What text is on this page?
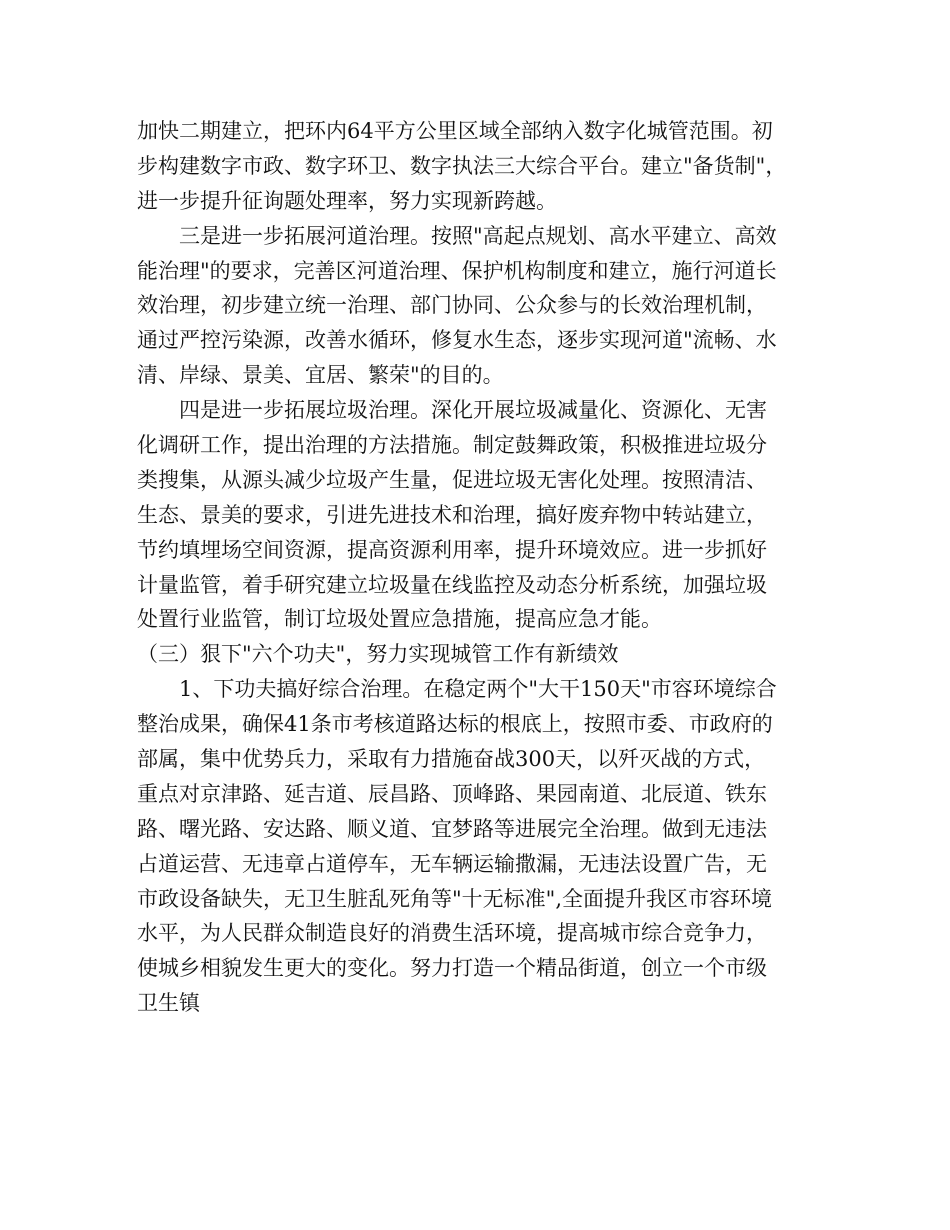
加快二期建立，把环内64平方公里区域全部纳入数字化城管范围。初
步构建数字市政、数字环卫、数字执法三大综合平台。建立"备货制"，
进一步提升征询题处理率，努力实现新跨越。
三是进一步拓展河道治理。按照"高起点规划、高水平建立、高效
能治理"的要求，完善区河道治理、保护机构制度和建立，施行河道长
效治理，初步建立统一治理、部门协同、公众参与的长效治理机制，
通过严控污染源，改善水循环，修复水生态，逐步实现河道"流畅、水
清、岸绿、景美、宜居、繁荣"的目的。
四是进一步拓展垃圾治理。深化开展垃圾减量化、资源化、无害
化调研工作，提出治理的方法措施。制定鼓舞政策，积极推进垃圾分
类搜集，从源头减少垃圾产生量，促进垃圾无害化处理。按照清洁、
生态、景美的要求，引进先进技术和治理，搞好废弃物中转站建立，
节约填埋场空间资源，提高资源利用率，提升环境效应。进一步抓好
计量监管，着手研究建立垃圾量在线监控及动态分析系统，加强垃圾
处置行业监管，制订垃圾处置应急措施，提高应急才能。
（三）狠下"六个功夫"，努力实现城管工作有新绩效
1、下功夫搞好综合治理。在稳定两个"大干150天"市容环境综合
整治成果，确保41条市考核道路达标的根底上，按照市委、市政府的
部属，集中优势兵力，采取有力措施奋战300天，以歼灭战的方式，
重点对京津路、延吉道、辰昌路、顶峰路、果园南道、北辰道、铁东
路、曙光路、安达路、顺义道、宜梦路等进展完全治理。做到无违法
占道运营、无违章占道停车，无车辆运输撒漏，无违法设置广告，无
市政设备缺失，无卫生脏乱死角等"十无标准",全面提升我区市容环境
水平，为人民群众制造良好的消费生活环境，提高城市综合竞争力，
使城乡相貌发生更大的变化。努力打造一个精品街道，创立一个市级
卫生镇
